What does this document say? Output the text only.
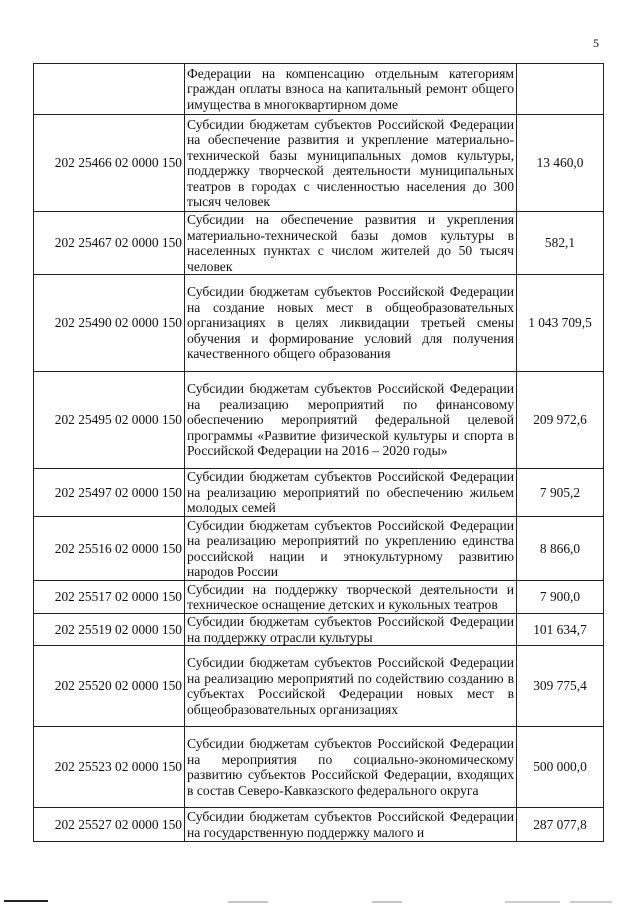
5
	Федерации на компенсацию отдельным категориям граждан оплаты взноса на капитальный ремонт общего имущества в многоквартирном доме	
202 25466 02 0000 150	Субсидии бюджетам субъектов Российской Федерации на обеспечение развития и укрепление материально-технической базы муниципальных домов культуры, поддержку творческой деятельности муниципальных театров в городах с численностью населения до 300 тысяч человек	13 460,0
202 25467 02 0000 150	Субсидии на обеспечение развития и укрепления материально-технической базы домов культуры в населенных пунктах с числом жителей до 50 тысяч человек	582,1
202 25490 02 0000 150	Субсидии бюджетам субъектов Российской Федерации на создание новых мест в общеобразовательных организациях в целях ликвидации третьей смены обучения и формирование условий для получения качественного общего образования	1 043 709,5
202 25495 02 0000 150	Субсидии бюджетам субъектов Российской Федерации на реализацию мероприятий по финансовому обеспечению мероприятий федеральной целевой программы «Развитие физической культуры и спорта в Российской Федерации на 2016 – 2020 годы»	209 972,6
202 25497 02 0000 150	Субсидии бюджетам субъектов Российской Федерации на реализацию мероприятий по обеспечению жильем молодых семей	7 905,2
202 25516 02 0000 150	Субсидии бюджетам субъектов Российской Федерации на реализацию мероприятий по укреплению единства российской нации и этнокультурному развитию народов России	8 866,0
202 25517 02 0000 150	Субсидии на поддержку творческой деятельности и техническое оснащение детских и кукольных театров	7 900,0
202 25519 02 0000 150	Субсидии бюджетам субъектов Российской Федерации на поддержку отрасли культуры	101 634,7
202 25520 02 0000 150	Субсидии бюджетам субъектов Российской Федерации на реализацию мероприятий по содействию созданию в субъектах Российской Федерации новых мест в общеобразовательных организациях	309 775,4
202 25523 02 0000 150	Субсидии бюджетам субъектов Российской Федерации на мероприятия по социально-экономическому развитию субъектов Российской Федерации, входящих в состав Северо-Кавказского федерального округа	500 000,0
202 25527 02 0000 150	Субсидии бюджетам субъектов Российской Федерации на государственную поддержку малого и	287 077,8
